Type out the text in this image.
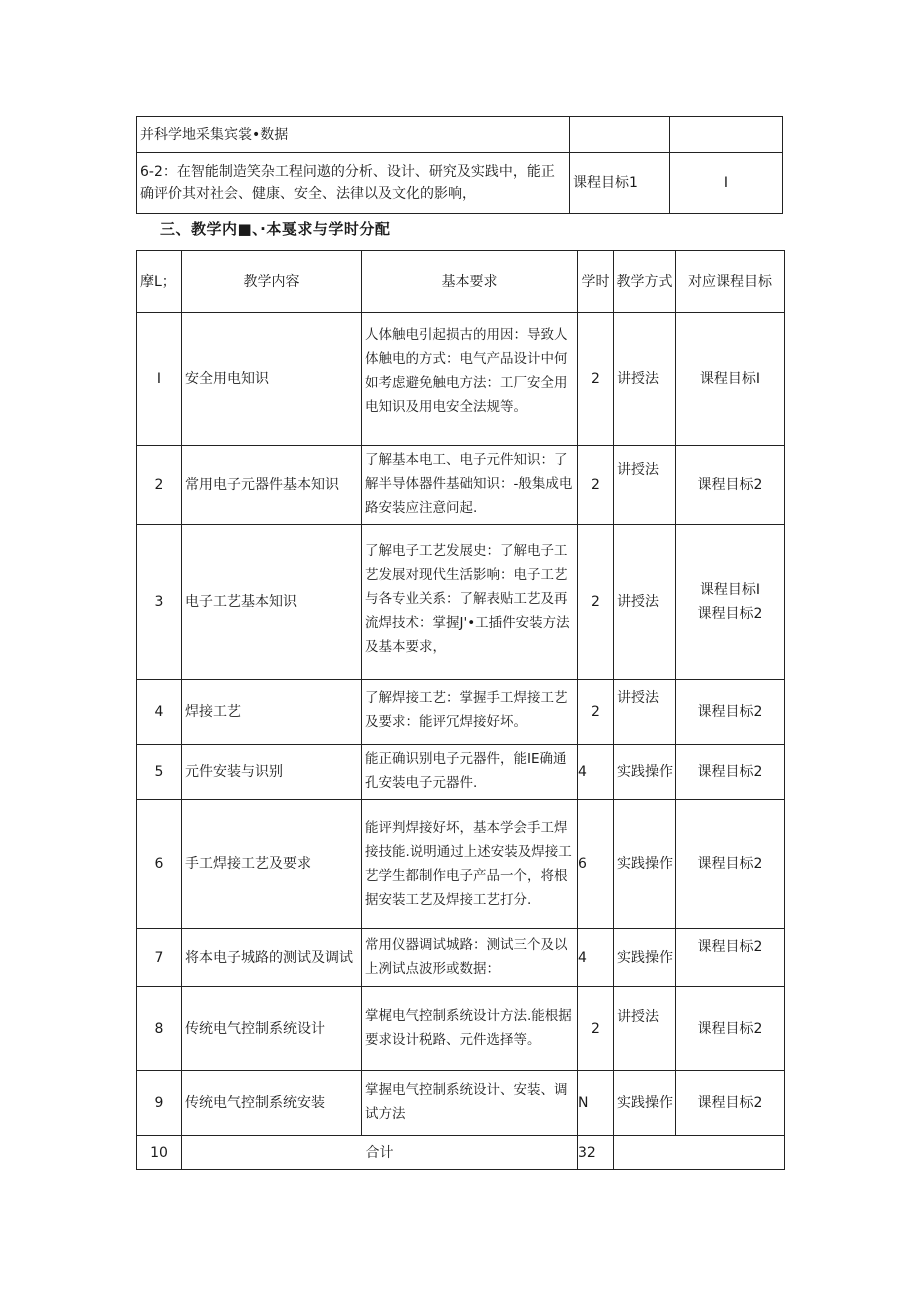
并科学地采集宾裳•数据		
6-2：在智能制造笑杂工程问遨的分析、设计、研究及实践中，能正确评价其对社会、健康、安全、法律以及文化的影响，	课程目标1	I
三、教学内■、·本戛求与学时分配
摩L；	教学内容	基本要求	学时	教学方式	对应课程目标
I	安全用电知识	人体触电引起损古的用因：导致人体触电的方式：电气产品设计中何如考虑避免触电方法：工厂安全用电知识及用电安全法规等。	2	讲授法	课程目标I

2	常用电子元器件基本知识	了解基本电工、电子元件知识：了解半导体器件基础知识：-般集成电路安装应注意问起.	2	讲授法	课程目标2

3	电子工艺基本知识	了解电子工艺发展史：了解电子工艺发展对现代生活影响：电子工艺与各专业关系：了解表贴工艺及再流焊技术：掌握J'•工插件安装方法及基本要求，	2	讲授法	课程目标I
课程目标2

4	焊接工艺	了解焊接工艺：掌握手工焊接工艺及要求：能评冗焊接好坏。	2	讲授法	课程目标2

5	元件安装与识别	能正确识别电子元器件，能IE确通孔安装电子元器件.	4	实践操作	课程目标2

6	手工焊接工艺及要求	能评判焊接好坏，基本学会手工焊接技能.说明通过上述安装及焊接工艺学生都制作电子产品一个，将根据安装工艺及焊接工艺打分.	6	实践操作	课程目标2

7	将本电子城路的测试及调试	常用仪器调试城路：测试三个及以上冽试点波形或数据：	4	实践操作	课程目标2

8	传统电气控制系统设计	掌梶电气控制系统设计方法.能根据要求设计税路、元件选择等。	2	讲授法	课程目标2

9	传统电气控制系统安装	掌握电气控制系统设计、安装、调试方法	N	实践操作	课程目标2

10	合计		32		
